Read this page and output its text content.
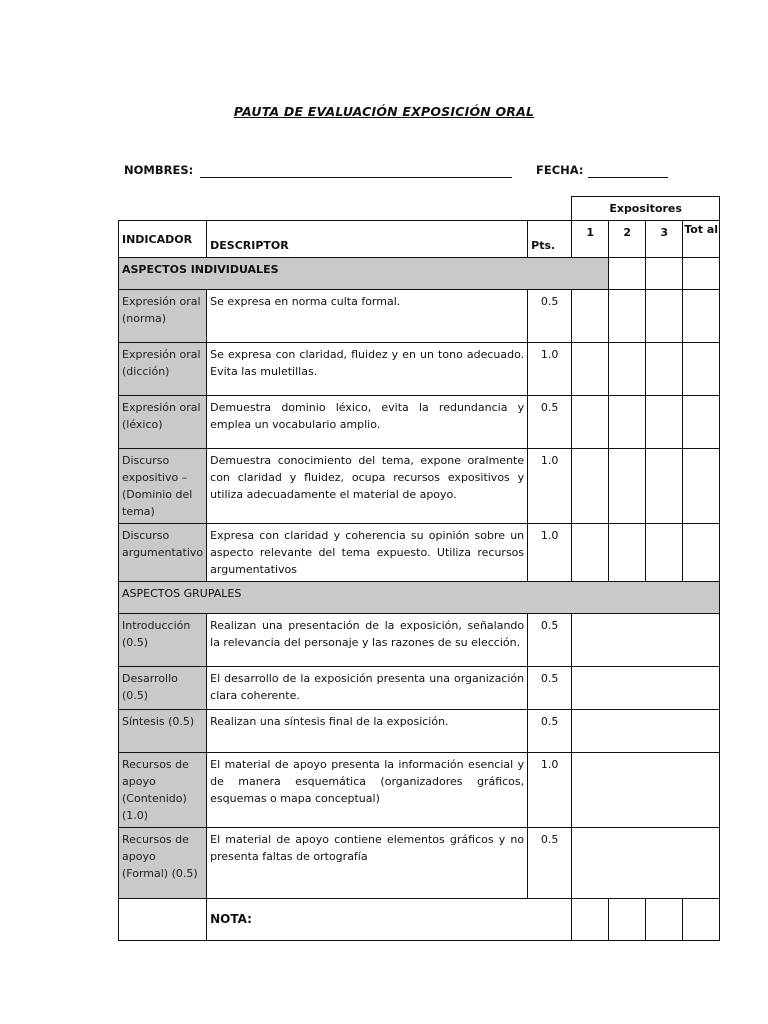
PAUTA DE EVALUACIÓN EXPOSICIÓN ORAL
NOMBRES:	FECHA:
			Expositores			
INDICADOR	DESCRIPTOR	Pts.	1	2	3	Tot al
ASPECTOS INDIVIDUALES						
Expresión oral (norma)	Se expresa en norma culta formal.	0.5				
Expresión oral (dicción)	Se expresa con claridad, fluidez y en un tono adecuado. Evita las muletillas.	1.0				
Expresión oral (léxico)	Demuestra dominio léxico, evita la redundancia y emplea un vocabulario amplio.	0.5				
Discurso expositivo – (Dominio del tema)	Demuestra conocimiento del tema, expone oralmente con claridad y fluidez, ocupa recursos expositivos y utiliza adecuadamente el material de apoyo.	1.0				
Discurso argumentativo	Expresa con claridad y coherencia su opinión sobre un aspecto relevante del tema expuesto. Utiliza recursos argumentativos	1.0				
ASPECTOS GRUPALES						
Introducción (0.5)	Realizan una presentación de la exposición, señalando la relevancia del personaje y las razones de su elección.	0.5				
Desarrollo (0.5)	El desarrollo de la exposición presenta una organización clara coherente.	0.5				
Síntesis (0.5)	Realizan una síntesis final de la exposición.	0.5				
Recursos de apoyo (Contenido) (1.0)	El material de apoyo presenta la información esencial y de manera esquemática (organizadores gráficos, esquemas o mapa conceptual)	1.0				
Recursos de apoyo (Formal) (0.5)	El material de apoyo contiene elementos gráficos y no presenta faltas de ortografía	0.5				
	NOTA:					
